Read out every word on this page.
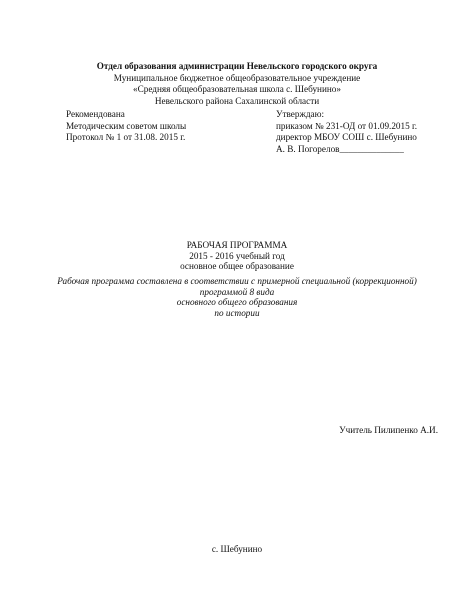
Отдел образования администрации Невельского городского округа
Муниципальное бюджетное общеобразовательное учреждение
«Средняя общеобразовательная школа с. Шебунино»
Невельского района Сахалинской области
Рекомендована
Методическим советом школы
Протокол № 1 от 31.08. 2015 г.
Утверждаю:
приказом № 231-ОД от 01.09.2015 г.
директор МБОУ СОШ с. Шебунино
А. В. Погорелов______________
РАБОЧАЯ ПРОГРАММА
2015 - 2016 учебный год
основное общее образование
Рабочая программа составлена в соответствии с примерной специальной (коррекционной)
программой 8 вида
основного общего образования
по истории
Учитель Пилипенко А.И.
с. Шебунино
